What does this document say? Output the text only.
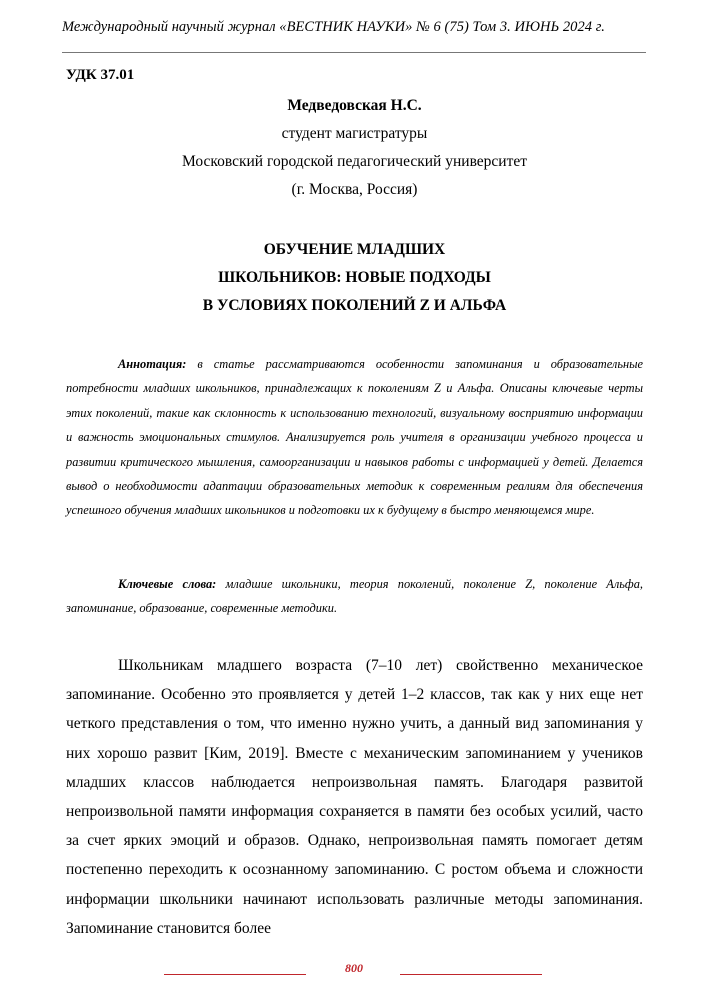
Международный научный журнал «ВЕСТНИК НАУКИ» № 6 (75) Том 3. ИЮНЬ 2024 г.
УДК 37.01
Медведовская Н.С.
студент магистратуры
Московский городской педагогический университет
(г. Москва, Россия)
ОБУЧЕНИЕ МЛАДШИХ
ШКОЛЬНИКОВ: НОВЫЕ ПОДХОДЫ
В УСЛОВИЯХ ПОКОЛЕНИЙ Z И АЛЬФА

Аннотация: в статье рассматриваются особенности запоминания и образовательные потребности младших школьников, принадлежащих к поколениям Z и Альфа. Описаны ключевые черты этих поколений, такие как склонность к использованию технологий, визуальному восприятию информации и важность эмоциональных стимулов. Анализируется роль учителя в организации учебного процесса и развитии критического мышления, самоорганизации и навыков работы с информацией у детей. Делается вывод о необходимости адаптации образовательных методик к современным реалиям для обеспечения успешного обучения младших школьников и подготовки их к будущему в быстро меняющемся мире.

Ключевые слова: младшие школьники, теория поколений, поколение Z, поколение Альфа, запоминание, образование, современные методики.

Школьникам младшего возраста (7–10 лет) свойственно механическое запоминание. Особенно это проявляется у детей 1–2 классов, так как у них еще нет четкого представления о том, что именно нужно учить, а данный вид запоминания у них хорошо развит [Ким, 2019]. Вместе с механическим запоминанием у учеников младших классов наблюдается непроизвольная память. Благодаря развитой непроизвольной памяти информация сохраняется в памяти без особых усилий, часто за счет ярких эмоций и образов. Однако, непроизвольная память помогает детям постепенно переходить к осознанному запоминанию. С ростом объема и сложности информации школьники начинают использовать различные методы запоминания. Запоминание становится более

800
